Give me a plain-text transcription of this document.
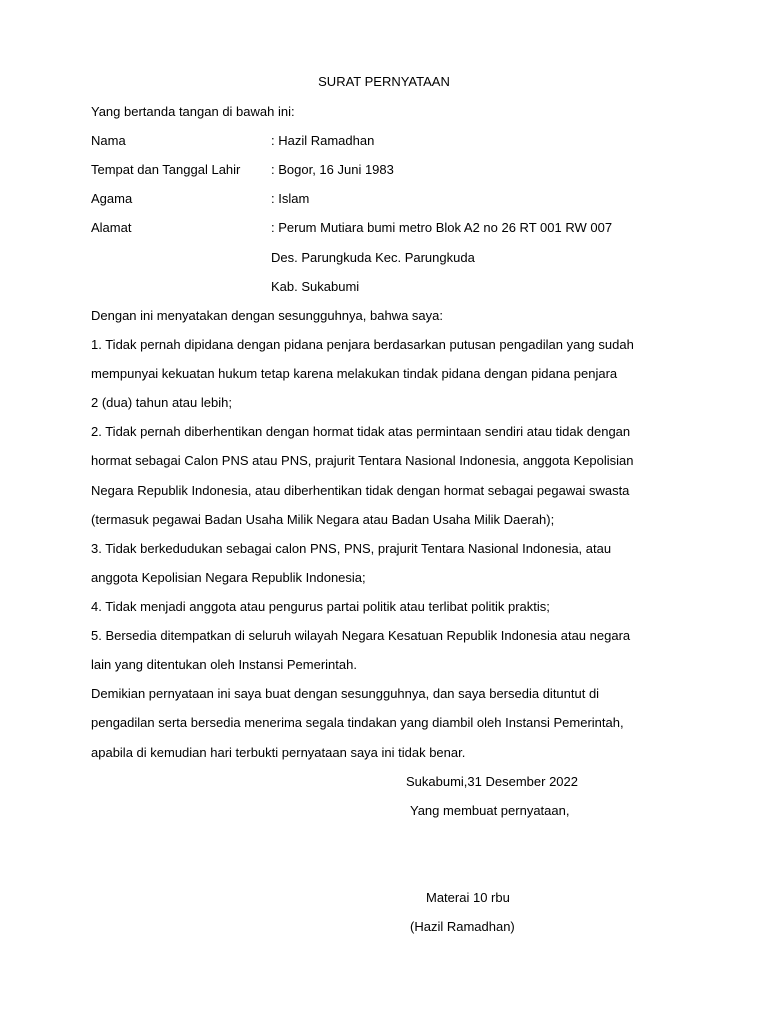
SURAT PERNYATAAN
Yang bertanda tangan di bawah ini:
Nama	: Hazil Ramadhan
Tempat dan Tanggal Lahir : Bogor, 16 Juni 1983
Agama	: Islam
Alamat	: Perum Mutiara bumi metro Blok A2 no 26 RT 001 RW 007
Des. Parungkuda Kec. Parungkuda
Kab. Sukabumi
Dengan ini menyatakan dengan sesungguhnya, bahwa saya:
1. Tidak pernah dipidana dengan pidana penjara berdasarkan putusan pengadilan yang sudah
mempunyai kekuatan hukum tetap karena melakukan tindak pidana dengan pidana penjara
2 (dua) tahun atau lebih;
2. Tidak pernah diberhentikan dengan hormat tidak atas permintaan sendiri atau tidak dengan
hormat sebagai Calon PNS atau PNS, prajurit Tentara Nasional Indonesia, anggota Kepolisian
Negara Republik Indonesia, atau diberhentikan tidak dengan hormat sebagai pegawai swasta
(termasuk pegawai Badan Usaha Milik Negara atau Badan Usaha Milik Daerah);
3. Tidak berkedudukan sebagai calon PNS, PNS, prajurit Tentara Nasional Indonesia, atau
anggota Kepolisian Negara Republik Indonesia;
4. Tidak menjadi anggota atau pengurus partai politik atau terlibat politik praktis;
5. Bersedia ditempatkan di seluruh wilayah Negara Kesatuan Republik Indonesia atau negara
lain yang ditentukan oleh Instansi Pemerintah.
Demikian pernyataan ini saya buat dengan sesungguhnya, dan saya bersedia dituntut di
pengadilan serta bersedia menerima segala tindakan yang diambil oleh Instansi Pemerintah,
apabila di kemudian hari terbukti pernyataan saya ini tidak benar.
Sukabumi,31 Desember 2022
Yang membuat pernyataan,
Materai 10 rbu
(Hazil Ramadhan)
